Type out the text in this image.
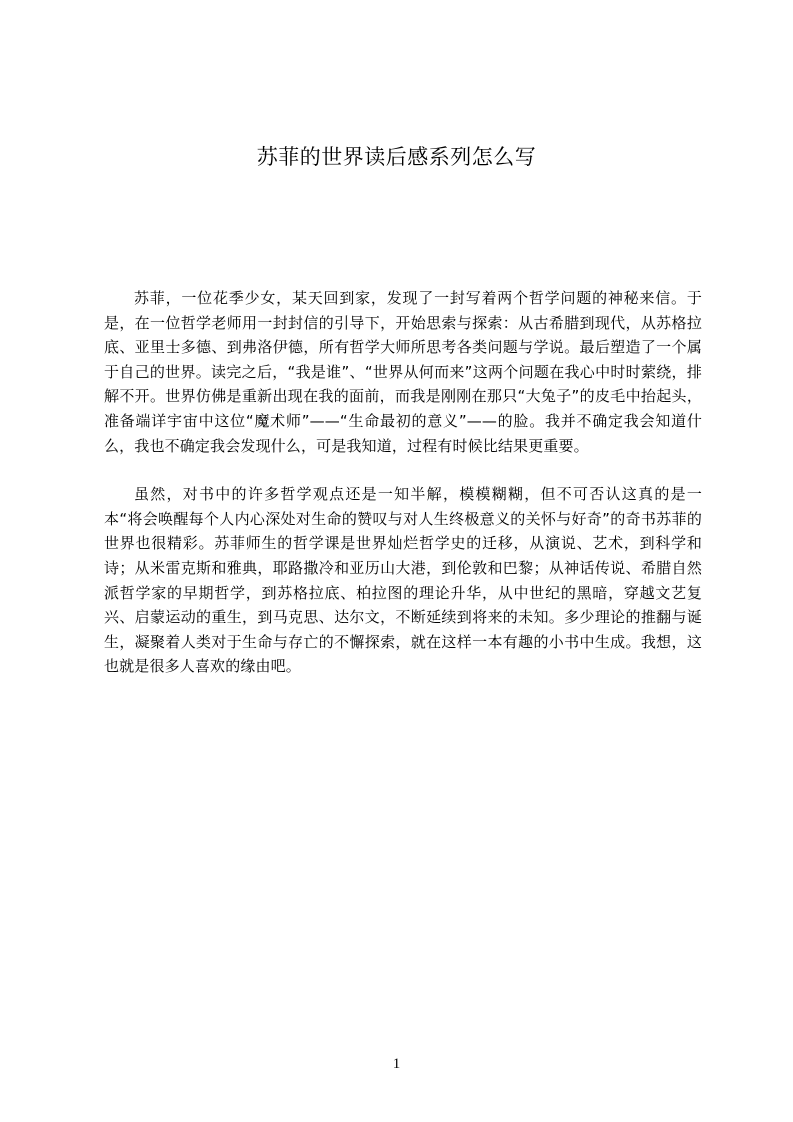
苏菲的世界读后感系列怎么写

苏菲，一位花季少女，某天回到家，发现了一封写着两个哲学问题的神秘来信。于是，在一位哲学老师用一封封信的引导下，开始思索与探索：从古希腊到现代，从苏格拉底、亚里士多德、到弗洛伊德，所有哲学大师所思考各类问题与学说。最后塑造了一个属于自己的世界。读完之后，“我是谁”、“世界从何而来”这两个问题在我心中时时萦绕，排解不开。世界仿佛是重新出现在我的面前，而我是刚刚在那只“大兔子”的皮毛中抬起头，准备端详宇宙中这位“魔术师”——“生命最初的意义”——的脸。我并不确定我会知道什么，我也不确定我会发现什么，可是我知道，过程有时候比结果更重要。

虽然，对书中的许多哲学观点还是一知半解，模模糊糊，但不可否认这真的是一本“将会唤醒每个人内心深处对生命的赞叹与对人生终极意义的关怀与好奇”的奇书苏菲的世界也很精彩。苏菲师生的哲学课是世界灿烂哲学史的迁移，从演说、艺术，到科学和诗；从米雷克斯和雅典，耶路撒冷和亚历山大港，到伦敦和巴黎；从神话传说、希腊自然派哲学家的早期哲学，到苏格拉底、柏拉图的理论升华，从中世纪的黑暗，穿越文艺复兴、启蒙运动的重生，到马克思、达尔文，不断延续到将来的未知。多少理论的推翻与诞生，凝聚着人类对于生命与存亡的不懈探索，就在这样一本有趣的小书中生成。我想，这也就是很多人喜欢的缘由吧。

1
